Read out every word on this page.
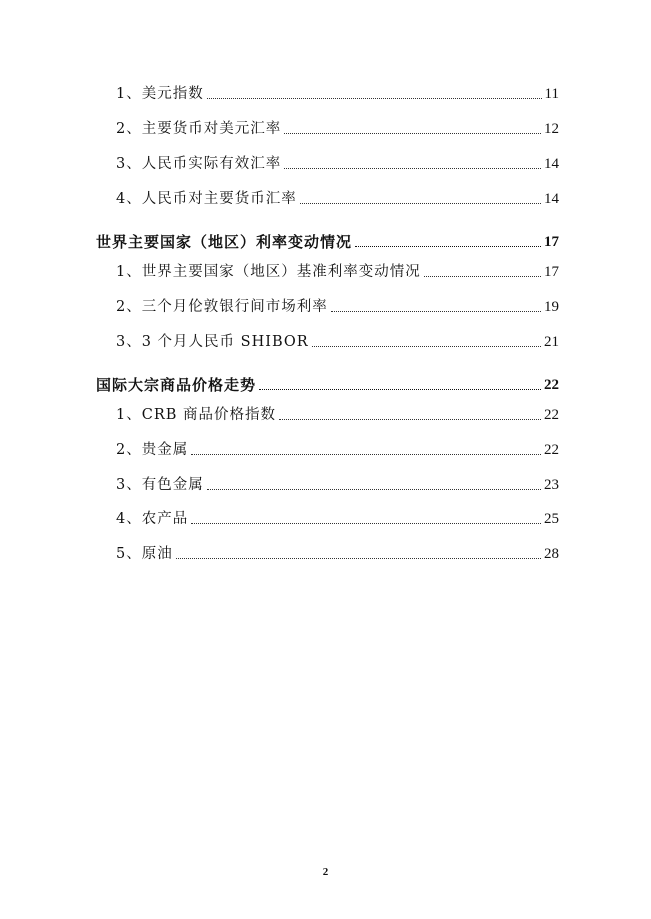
1、美元指数	11
2、主要货币对美元汇率	12
3、人民币实际有效汇率	14
4、人民币对主要货币汇率	14
世界主要国家（地区）利率变动情况	17
1、世界主要国家（地区）基准利率变动情况	17
2、三个月伦敦银行间市场利率	19
3、3 个月人民币 SHIBOR	21
国际大宗商品价格走势	22
1、CRB 商品价格指数	22
2、贵金属	22
3、有色金属	23
4、农产品	25
5、原油	28
2
